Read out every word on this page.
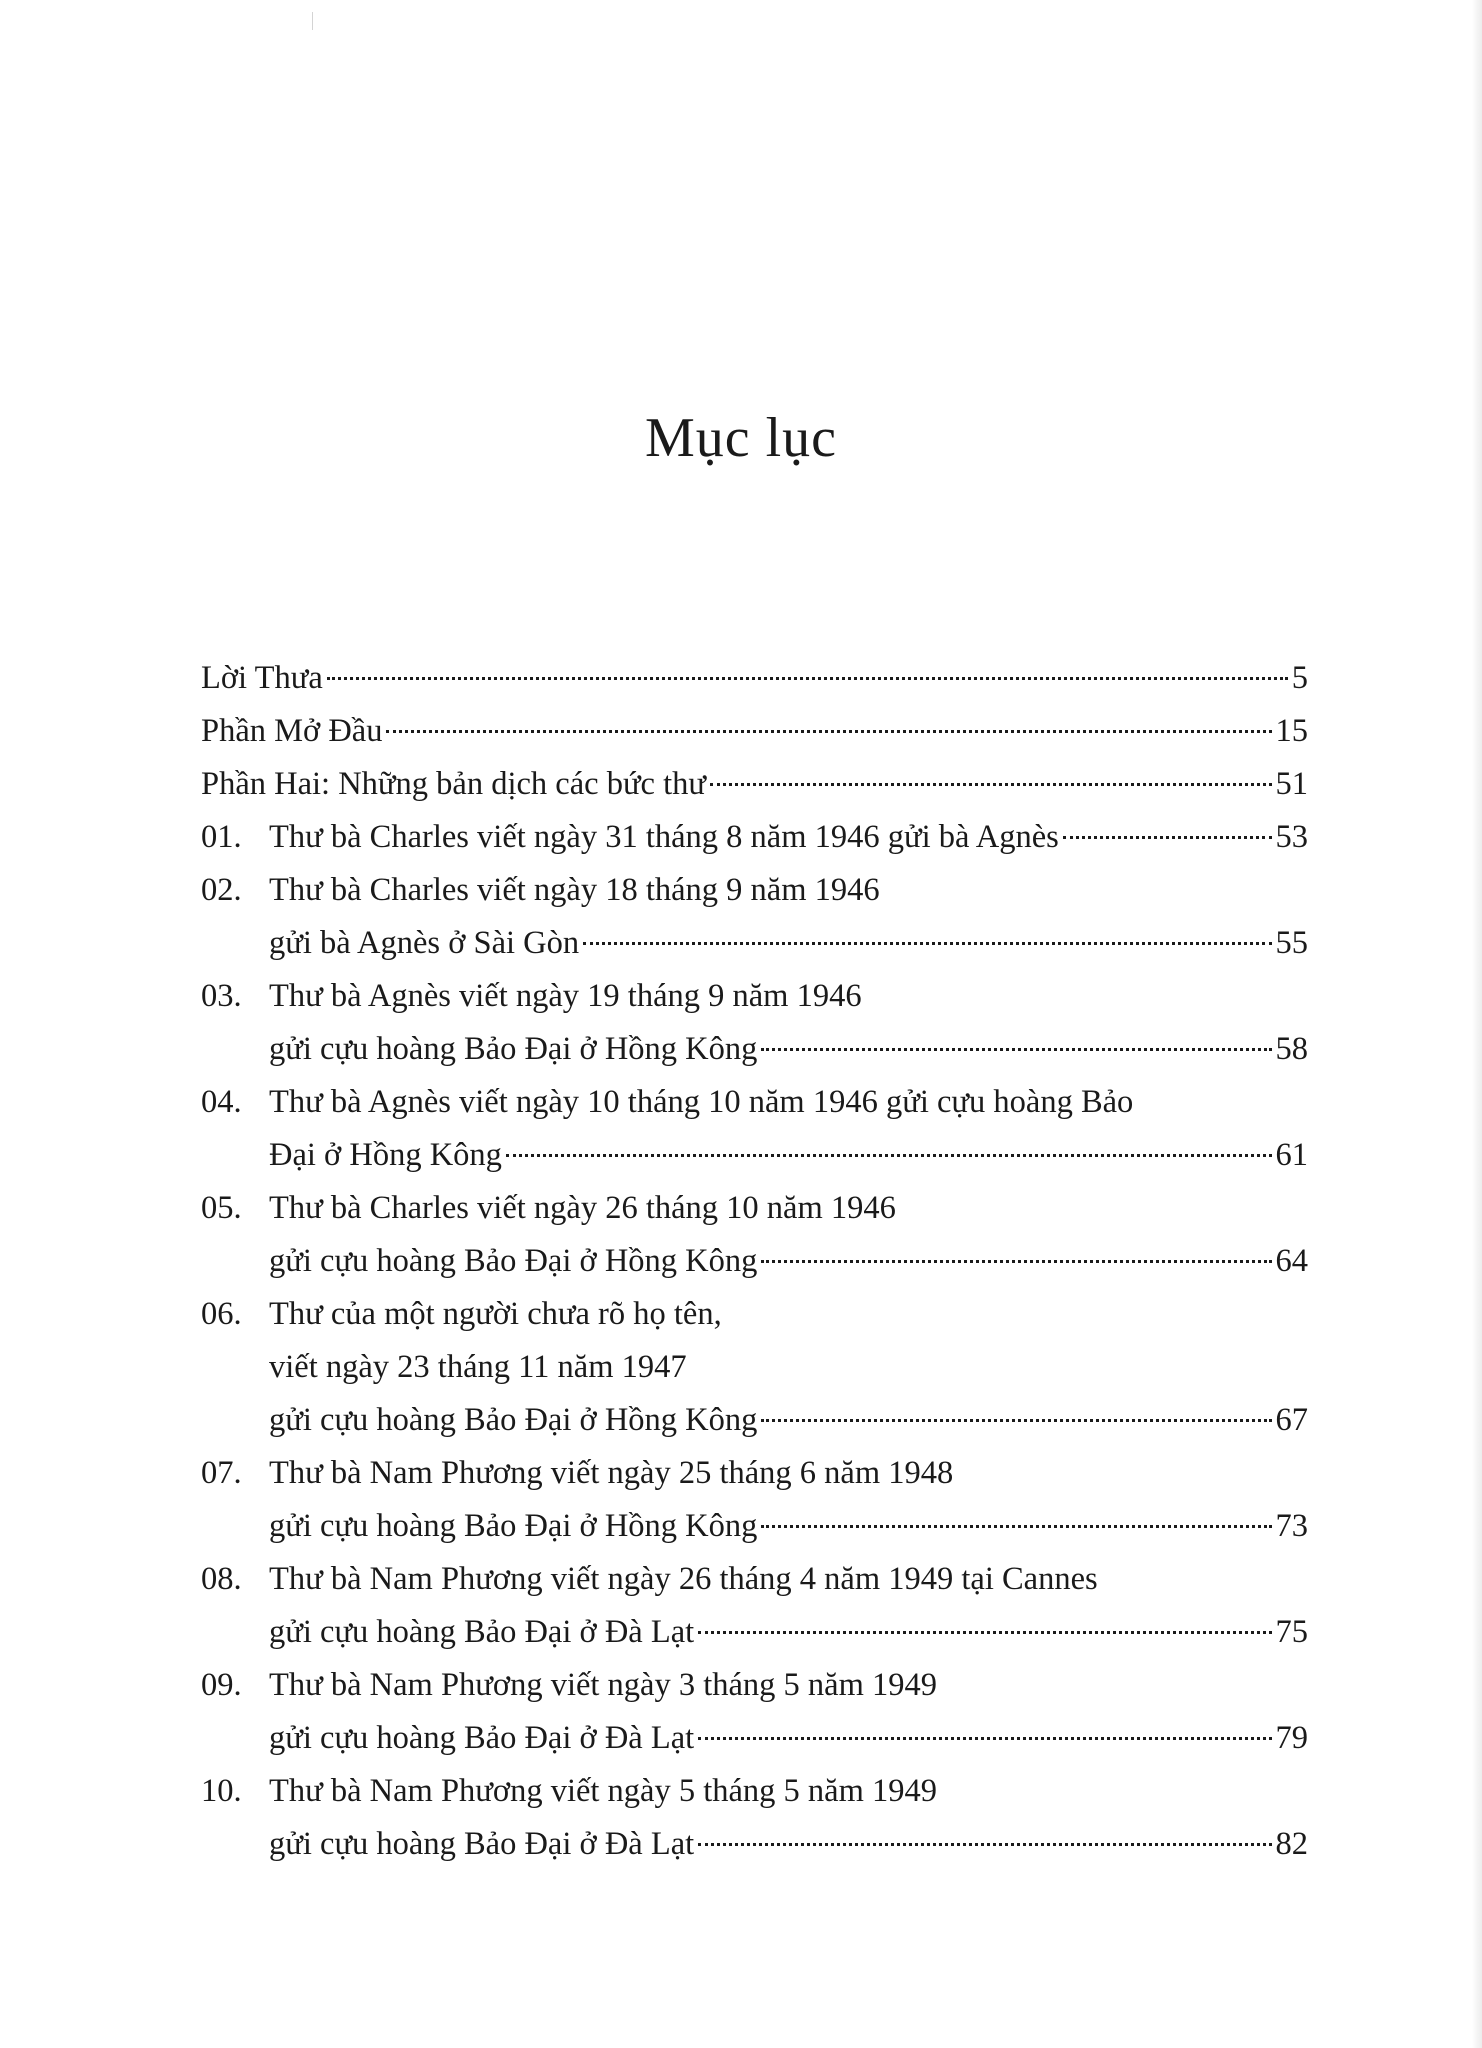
Mục lục
Lời Thưa	5
Phần Mở Đầu	15
Phần Hai: Những bản dịch các bức thư	51
01. Thư bà Charles viết ngày 31 tháng 8 năm 1946 gửi bà Agnès	53
02. Thư bà Charles viết ngày 18 tháng 9 năm 1946
gửi bà Agnès ở Sài Gòn	55
03. Thư bà Agnès viết ngày 19 tháng 9 năm 1946
gửi cựu hoàng Bảo Đại ở Hồng Kông	58
04. Thư bà Agnès viết ngày 10 tháng 10 năm 1946 gửi cựu hoàng Bảo
Đại ở Hồng Kông	61
05. Thư bà Charles viết ngày 26 tháng 10 năm 1946
gửi cựu hoàng Bảo Đại ở Hồng Kông	64
06. Thư của một người chưa rõ họ tên,
viết ngày 23 tháng 11 năm 1947
gửi cựu hoàng Bảo Đại ở Hồng Kông	67
07. Thư bà Nam Phương viết ngày 25 tháng 6 năm 1948
gửi cựu hoàng Bảo Đại ở Hồng Kông	73
08. Thư bà Nam Phương viết ngày 26 tháng 4 năm 1949 tại Cannes
gửi cựu hoàng Bảo Đại ở Đà Lạt	75
09. Thư bà Nam Phương viết ngày 3 tháng 5 năm 1949
gửi cựu hoàng Bảo Đại ở Đà Lạt	79
10. Thư bà Nam Phương viết ngày 5 tháng 5 năm 1949
gửi cựu hoàng Bảo Đại ở Đà Lạt	82
